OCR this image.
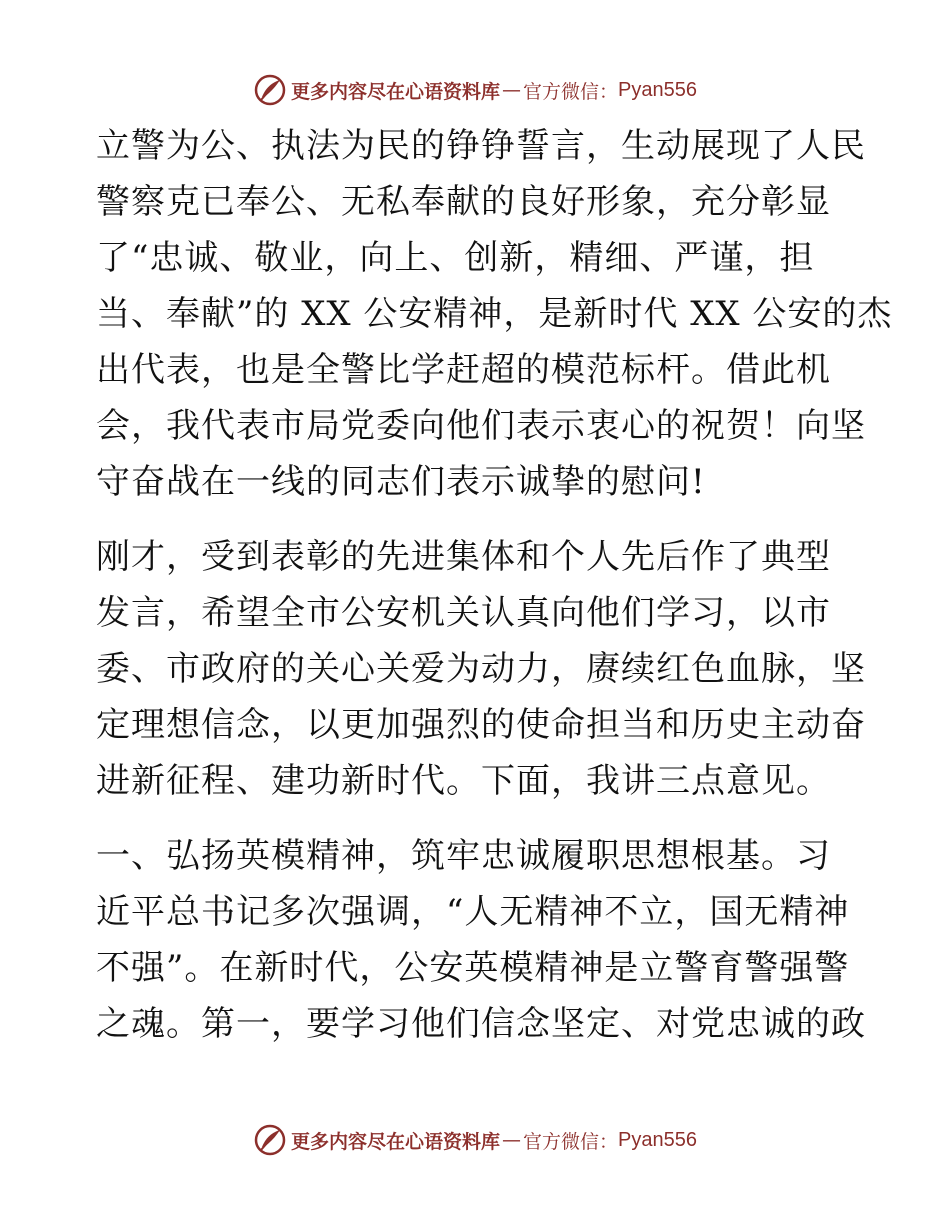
更多内容尽在心语资料库 — 官方微信： Pyan556
立警为公、执法为民的铮铮誓言，生动展现了人民
警察克已奉公、无私奉献的良好形象，充分彰显
了“忠诚、敬业，向上、创新，精细、严谨，担
当、奉献”的 XX 公安精神，是新时代 XX 公安的杰
出代表，也是全警比学赶超的模范标杆。借此机
会，我代表市局党委向他们表示衷心的祝贺！向坚
守奋战在一线的同志们表示诚挚的慰问!
刚才，受到表彰的先进集体和个人先后作了典型
发言，希望全市公安机关认真向他们学习，以市
委、市政府的关心关爱为动力，赓续红色血脉，坚
定理想信念，以更加强烈的使命担当和历史主动奋
进新征程、建功新时代。下面，我讲三点意见。
一、弘扬英模精神，筑牢忠诚履职思想根基。习
近平总书记多次强调，“人无精神不立，国无精神
不强”。在新时代，公安英模精神是立警育警强警
之魂。第一，要学习他们信念坚定、对党忠诚的政
更多内容尽在心语资料库 — 官方微信： Pyan556
